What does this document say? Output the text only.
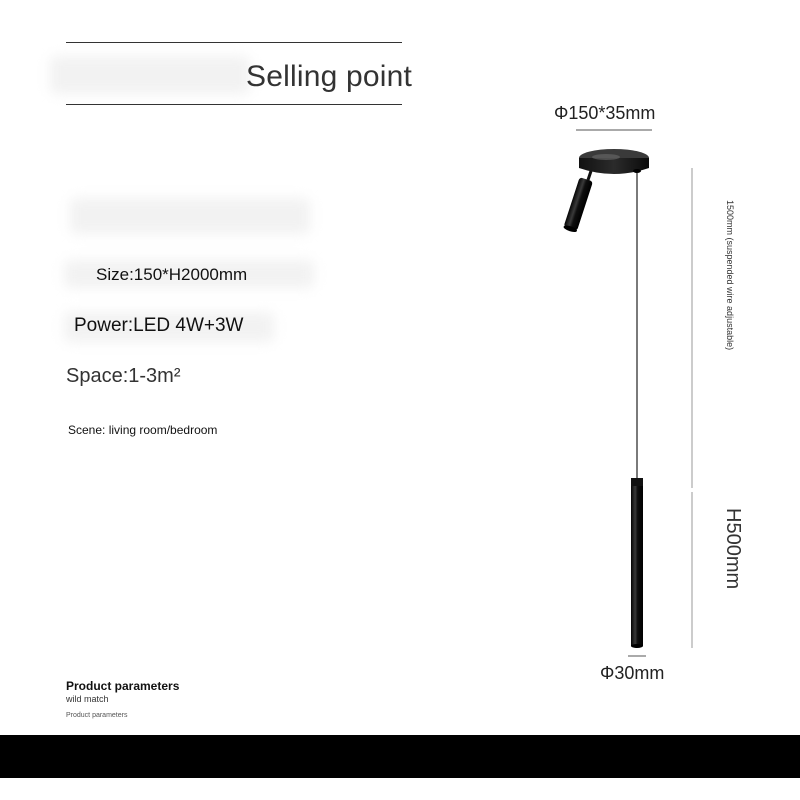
Selling point
Size:150*H2000mm
Power:LED 4W+3W
Space:1-3m²
Scene: living room/bedroom
Product parameters
wild match
Product parameters
Φ150*35mm
Φ30mm
1500mm (suspended wire adjustable)
H500mm
